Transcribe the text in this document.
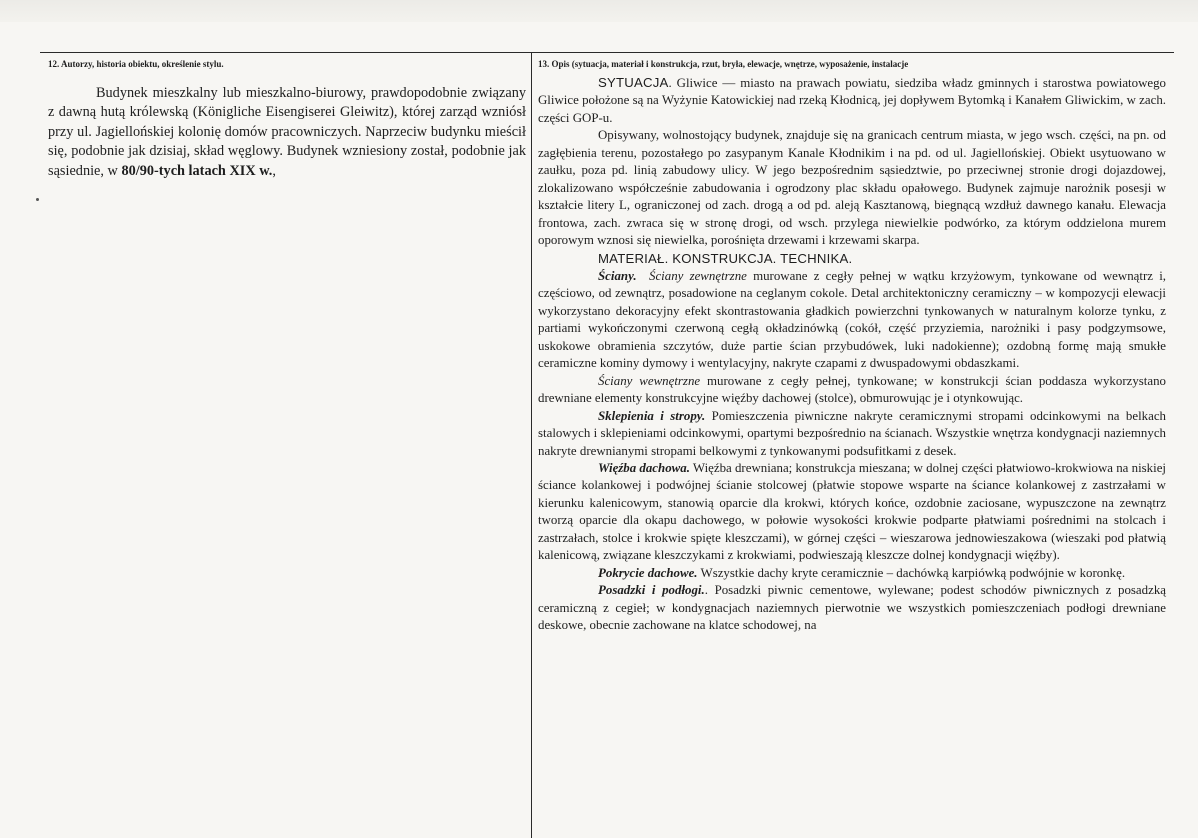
12. Autorzy, historia obiektu, określenie stylu.

Budynek mieszkalny lub mieszkalno-biurowy, prawdopodobnie związany z dawną hutą królewską (Königliche Eisengiserei Gleiwitz), której zarząd wzniósł przy ul. Jagiellońskiej kolonię domów pracowniczych. Naprzeciw budynku mieścił się, podobnie jak dzisiaj, skład węglowy. Budynek wzniesiony został, podobnie jak sąsiednie, w 80/90-tych latach XIX w.,

13. Opis (sytuacja, materiał i konstrukcja, rzut, bryła, elewacje, wnętrze, wyposażenie, instalacje

SYTUACJA. Gliwice — miasto na prawach powiatu, siedziba władz gminnych i starostwa powiatowego Gliwice położone są na Wyżynie Katowickiej nad rzeką Kłodnicą, jej dopływem Bytomką i Kanałem Gliwickim, w zach. części GOP-u.

Opisywany, wolnostojący budynek, znajduje się na granicach centrum miasta, w jego wsch. części, na pn. od zagłębienia terenu, pozostałego po zasypanym Kanale Kłodnikim i na pd. od ul. Jagiellońskiej. Obiekt usytuowano w zaułku, poza pd. linią zabudowy ulicy. W jego bezpośrednim sąsiedztwie, po przeciwnej stronie drogi dojazdowej, zlokalizowano współcześnie zabudowania i ogrodzony plac składu opałowego. Budynek zajmuje narożnik posesji w kształcie litery L, ograniczonej od zach. drogą a od pd. aleją Kasztanową, biegnącą wzdłuż dawnego kanału. Elewacja frontowa, zach. zwraca się w stronę drogi, od wsch. przylega niewielkie podwórko, za którym oddzielona murem oporowym wznosi się niewielka, porośnięta drzewami i krzewami skarpa.

MATERIAŁ. KONSTRUKCJA. TECHNIKA.

Ściany. Ściany zewnętrzne murowane z cegły pełnej w wątku krzyżowym, tynkowane od wewnątrz i, częściowo, od zewnątrz, posadowione na ceglanym cokole. Detal architektoniczny ceramiczny – w kompozycji elewacji wykorzystano dekoracyjny efekt skontrastowania gładkich powierzchni tynkowanych w naturalnym kolorze tynku, z partiami wykończonymi czerwoną cegłą okładzinówką (cokół, część przyziemia, narożniki i pasy podgzymsowe, uskokowe obramienia szczytów, duże partie ścian przybudówek, luki nadokienne); ozdobną formę mają smukłe ceramiczne kominy dymowy i wentylacyjny, nakryte czapami z dwuspadowymi obdaszkami.

Ściany wewnętrzne murowane z cegły pełnej, tynkowane; w konstrukcji ścian poddasza wykorzystano drewniane elementy konstrukcyjne więźby dachowej (stolce), obmurowując je i otynkowując.

Sklepienia i stropy. Pomieszczenia piwniczne nakryte ceramicznymi stropami odcinkowymi na belkach stalowych i sklepieniami odcinkowymi, opartymi bezpośrednio na ścianach. Wszystkie wnętrza kondygnacji naziemnych nakryte drewnianymi stropami belkowymi z tynkowanymi podsufitkami z desek.

Więźba dachowa. Więźba drewniana; konstrukcja mieszana; w dolnej części płatwiowo-krokwiowa na niskiej ściance kolankowej i podwójnej ścianie stolcowej (płatwie stopowe wsparte na ściance kolankowej z zastrzałami w kierunku kalenicowym, stanowią oparcie dla krokwi, których końce, ozdobnie zaciosane, wypuszczone na zewnątrz tworzą oparcie dla okapu dachowego, w połowie wysokości krokwie podparte płatwiami pośrednimi na stolcach i zastrzałach, stolce i krokwie spięte kleszczami), w górnej części – wieszarowa jednowieszakowa (wieszaki pod płatwią kalenicową, związane kleszczykami z krokwiami, podwieszają kleszcze dolnej kondygnacji więźby).

Pokrycie dachowe. Wszystkie dachy kryte ceramicznie – dachówką karpiówką podwójnie w koronkę.

Posadzki i podłogi.. Posadzki piwnic cementowe, wylewane; podest schodów piwnicznych z posadzką ceramiczną z cegieł; w kondygnacjach naziemnych pierwotnie we wszystkich pomieszczeniach podłogi drewniane deskowe, obecnie zachowane na klatce schodowej, na
